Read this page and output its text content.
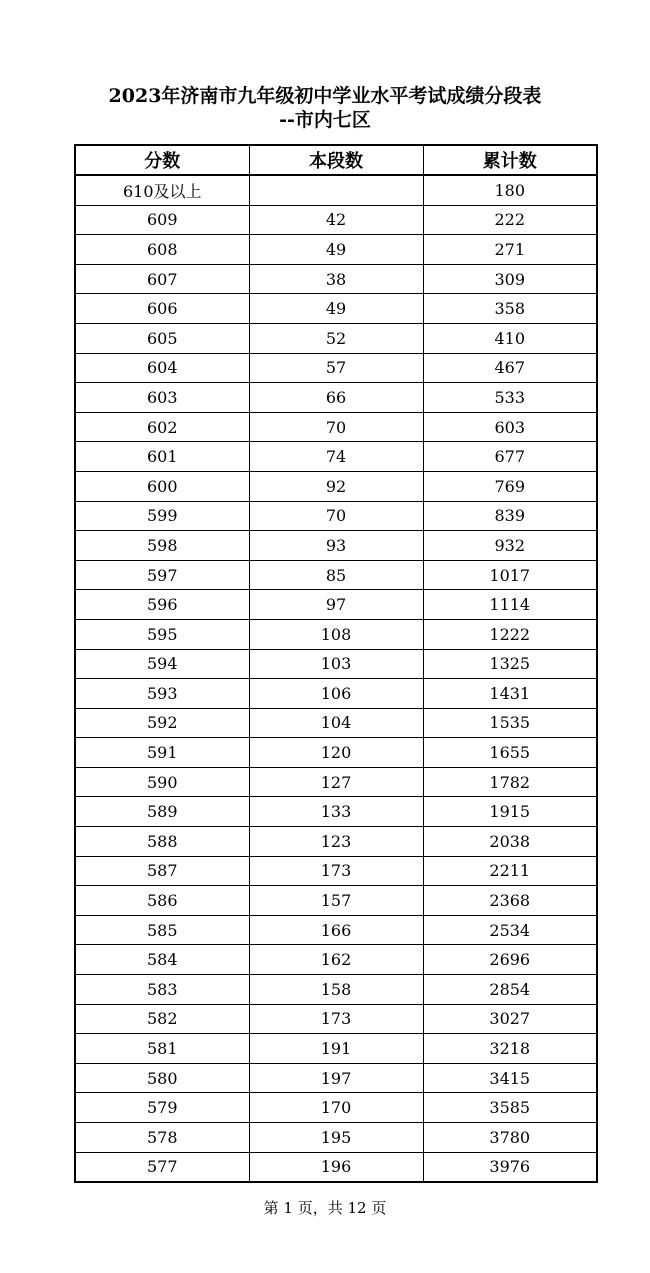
2023年济南市九年级初中学业水平考试成绩分段表
--市内七区
分数	本段数	累计数
610及以上		180
609	42	222
608	49	271
607	38	309
606	49	358
605	52	410
604	57	467
603	66	533
602	70	603
601	74	677
600	92	769
599	70	839
598	93	932
597	85	1017
596	97	1114
595	108	1222
594	103	1325
593	106	1431
592	104	1535
591	120	1655
590	127	1782
589	133	1915
588	123	2038
587	173	2211
586	157	2368
585	166	2534
584	162	2696
583	158	2854
582	173	3027
581	191	3218
580	197	3415
579	170	3585
578	195	3780
577	196	3976
第 1 页，共 12 页
